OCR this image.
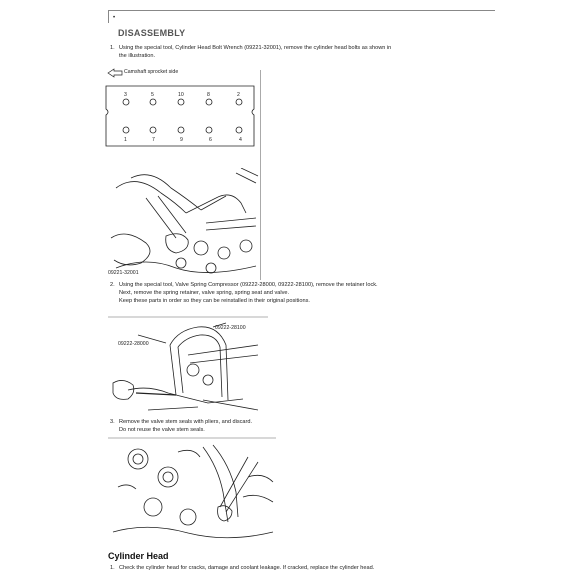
•
DISASSEMBLY
1. Using the special tool, Cylinder Head Bolt Wrench (09221-32001), remove the cylinder head bolts as shown in
the illustration.
Camshaft sprocket side
3	5	10	8	2
1	7	9	6	4
09221-32001
2. Using the special tool, Valve Spring Compressor (09222-28000, 09222-28100), remove the retainer lock.
Next, remove the spring retainer, valve spring, spring seat and valve.
Keep these parts in order so they can be reinstalled in their original positions.
09222-28000
09222-28100
3. Remove the valve stem seals with pliers, and discard.
Do not reuse the valve stem seals.
Cylinder Head
1. Check the cylinder head for cracks, damage and coolant leakage. If cracked, replace the cylinder head.
